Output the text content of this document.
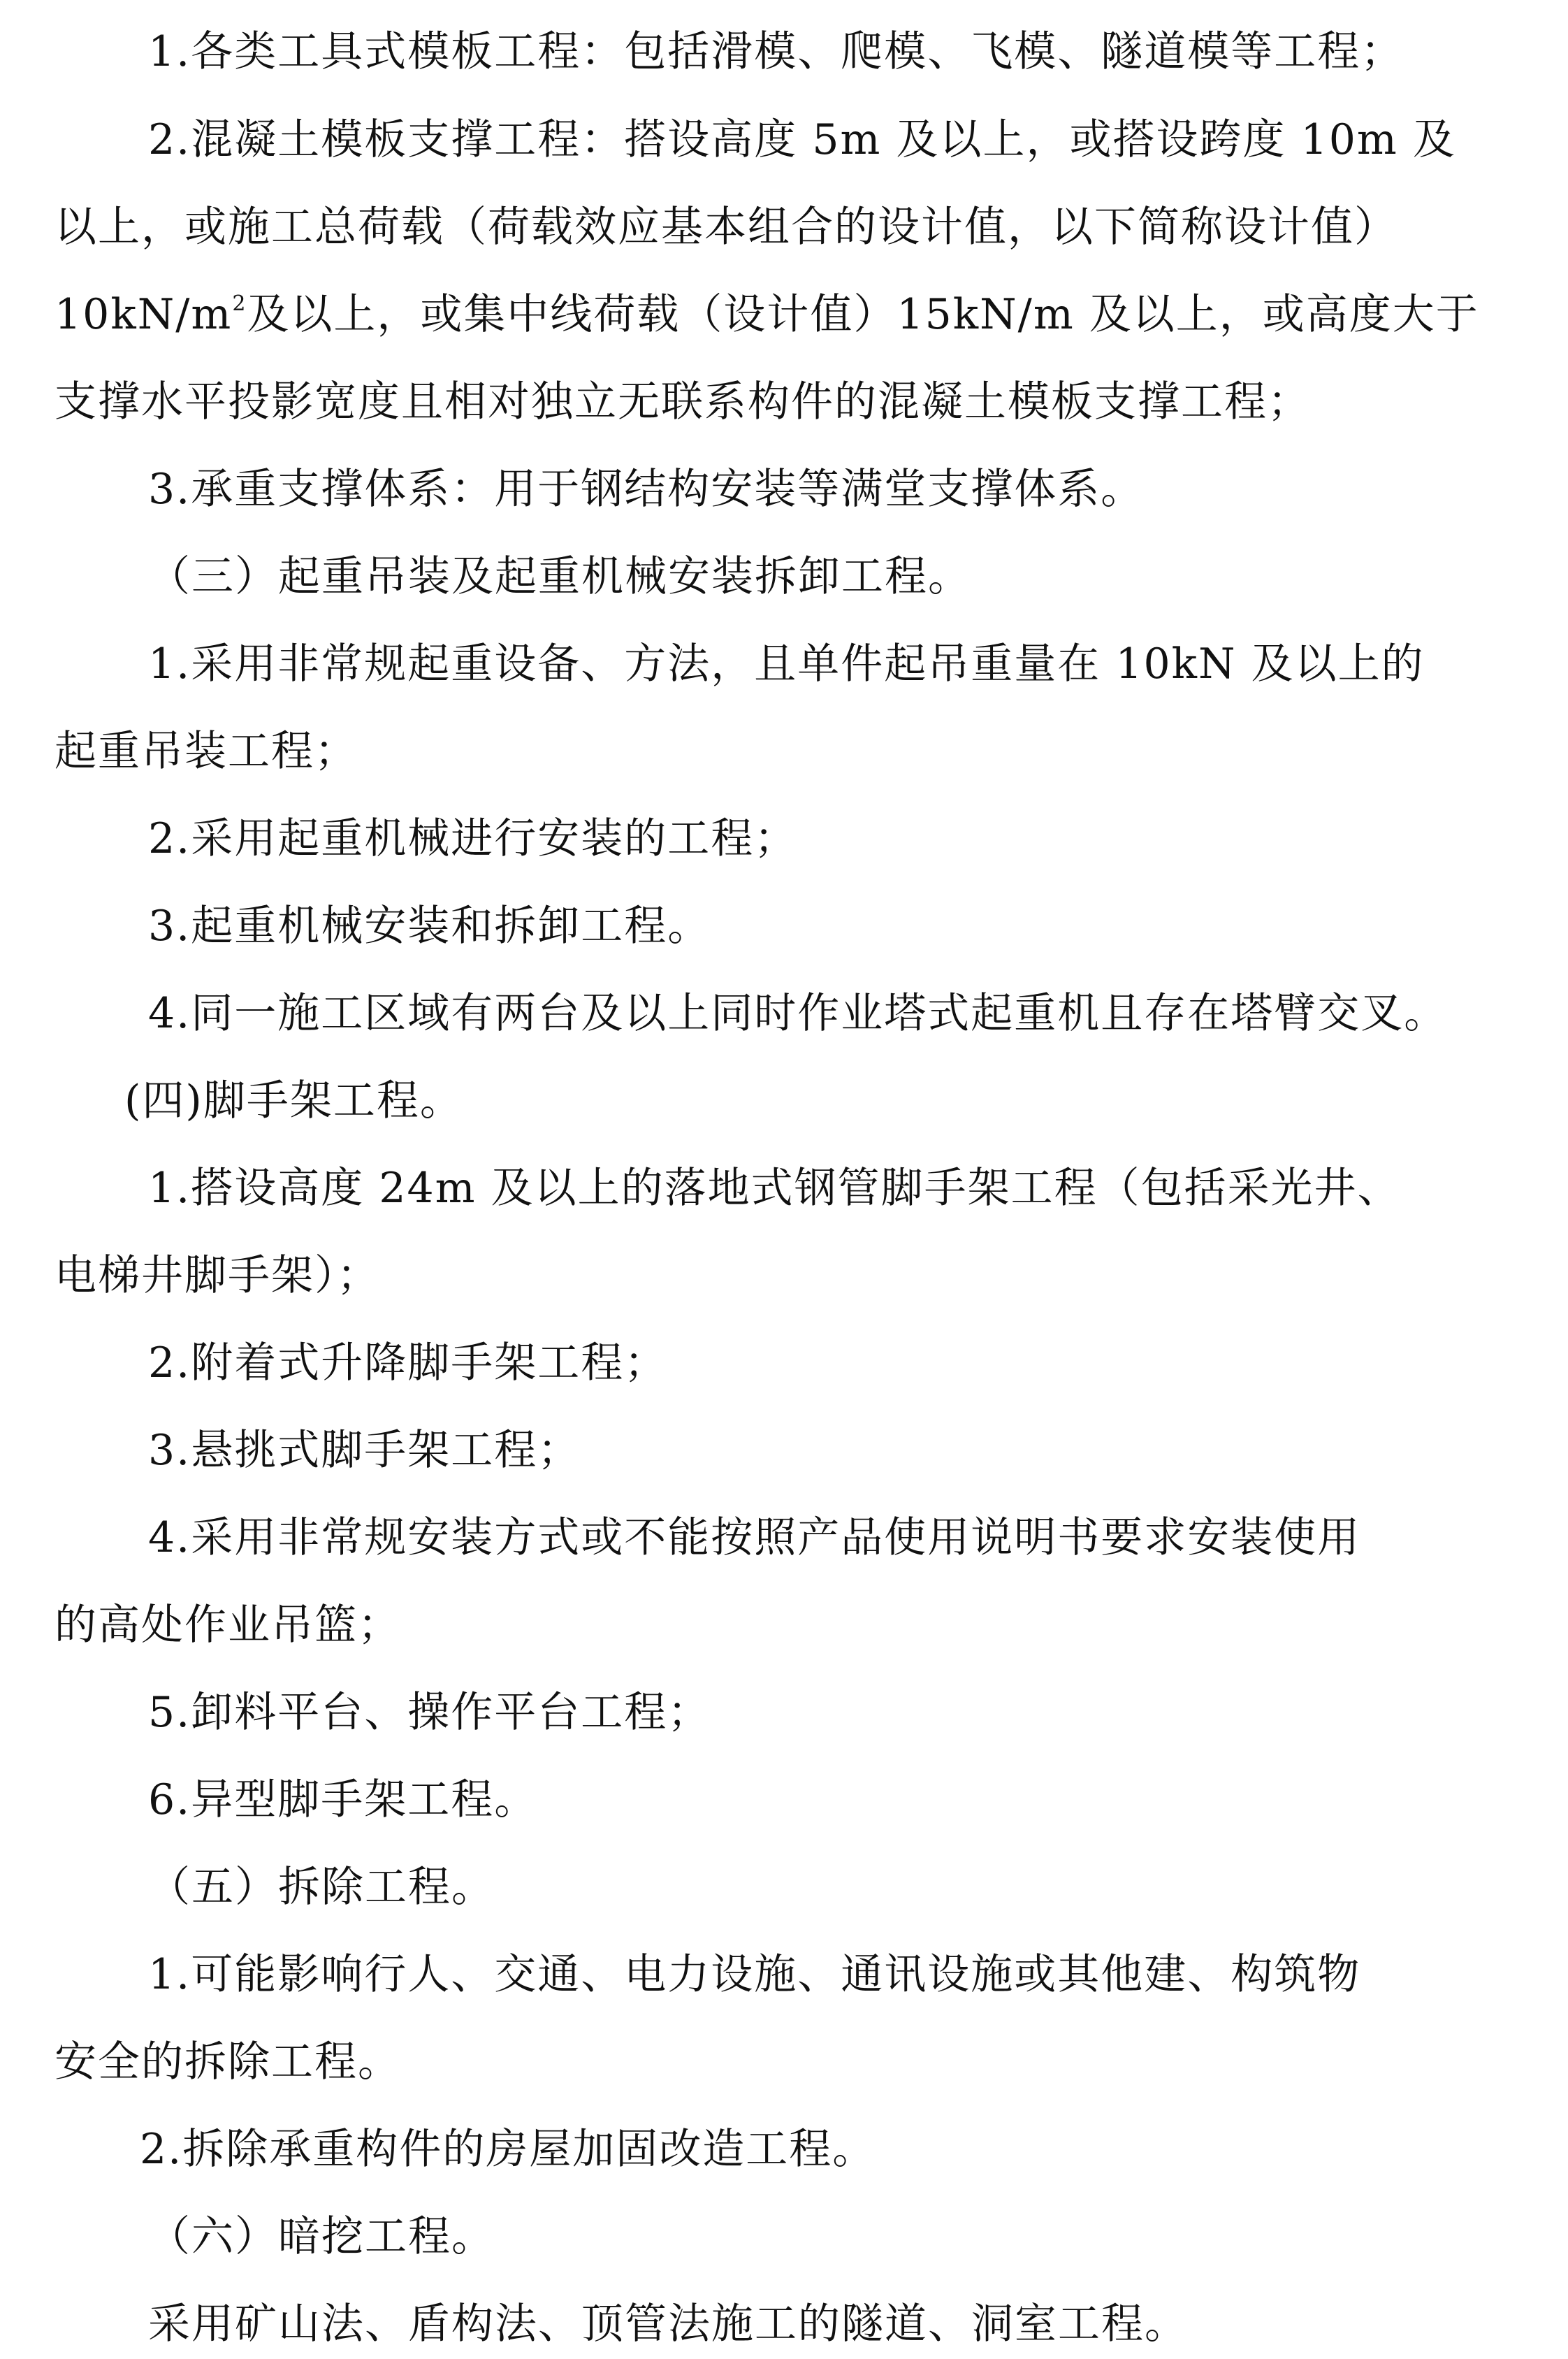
1.各类工具式模板工程：包括滑模、爬模、飞模、隧道模等工程；

2.混凝土模板支撑工程：搭设高度 5m 及以上，或搭设跨度 10m 及

以上，或施工总荷载（荷载效应基本组合的设计值，以下简称设计值）

$10kN/m^2$及以上，或集中线荷载（设计值）15kN/m 及以上，或高度大于

支撑水平投影宽度且相对独立无联系构件的混凝土模板支撑工程；

3.承重支撑体系：用于钢结构安装等满堂支撑体系。

（三）起重吊装及起重机械安装拆卸工程。

1.采用非常规起重设备、方法，且单件起吊重量在 10kN 及以上的

起重吊装工程；

2.采用起重机械进行安装的工程；

3.起重机械安装和拆卸工程。

4.同一施工区域有两台及以上同时作业塔式起重机且存在塔臂交叉。

(四)脚手架工程。

1.搭设高度 24m 及以上的落地式钢管脚手架工程（包括采光井、

电梯井脚手架）；

2.附着式升降脚手架工程；

3.悬挑式脚手架工程；

4.采用非常规安装方式或不能按照产品使用说明书要求安装使用

的高处作业吊篮；

5.卸料平台、操作平台工程；

6.异型脚手架工程。

（五）拆除工程。

1.可能影响行人、交通、电力设施、通讯设施或其他建、构筑物

安全的拆除工程。

2.拆除承重构件的房屋加固改造工程。

（六）暗挖工程。

采用矿山法、盾构法、顶管法施工的隧道、洞室工程。
